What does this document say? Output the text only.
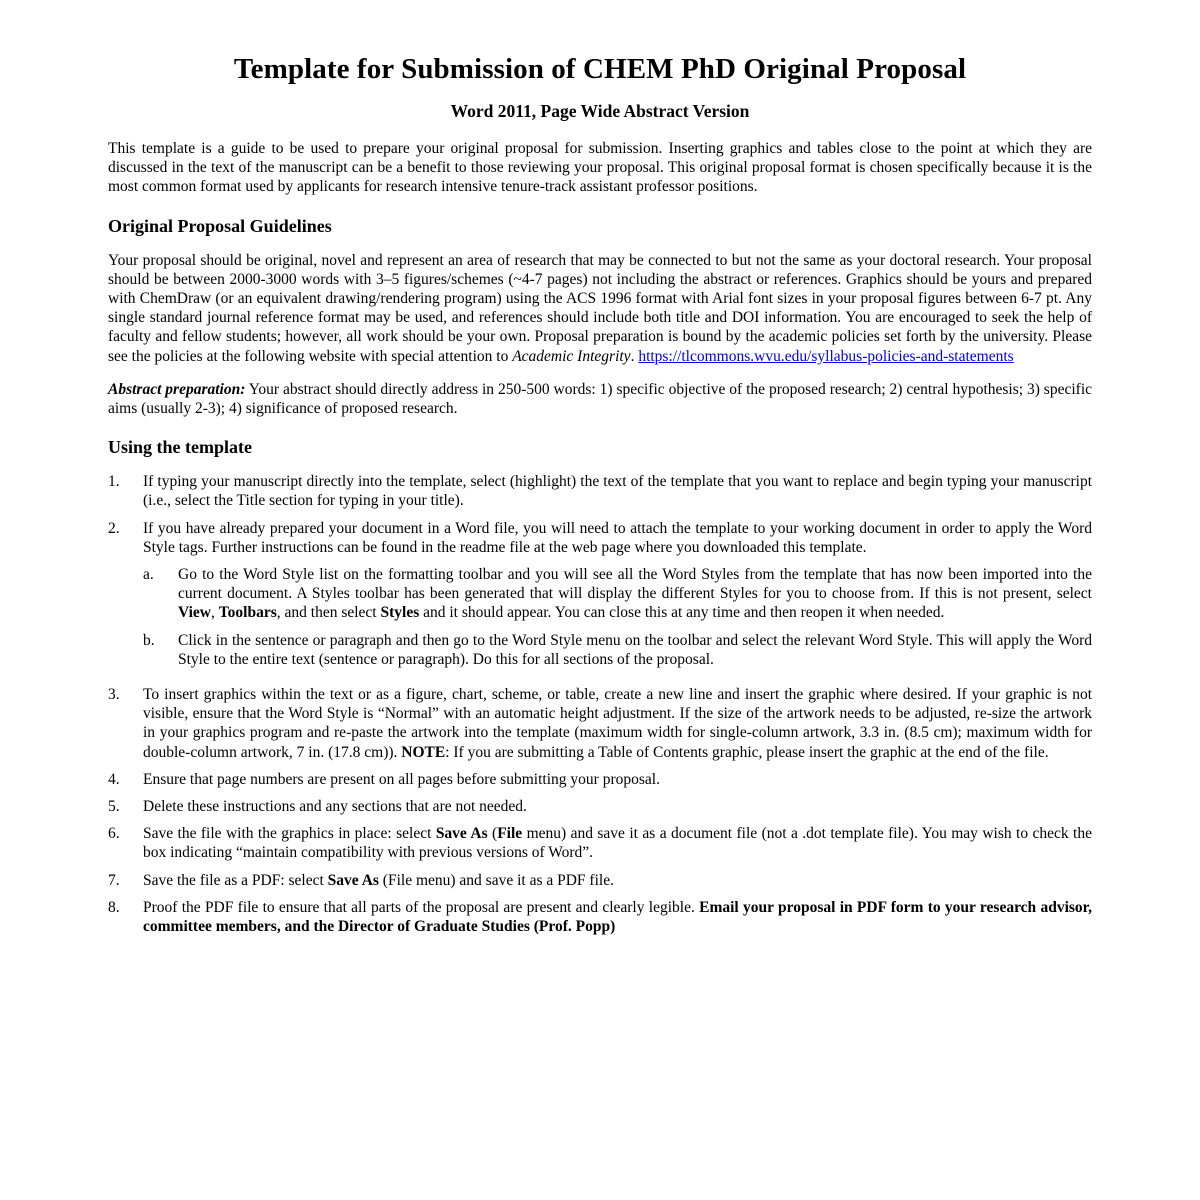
Template for Submission of CHEM PhD Original Proposal
Word 2011, Page Wide Abstract Version

This template is a guide to be used to prepare your original proposal for submission. Inserting graphics and tables close to the point at which they are discussed in the text of the manuscript can be a benefit to those reviewing your proposal. This original proposal format is chosen specifically because it is the most common format used by applicants for research intensive tenure-track assistant professor positions.

Original Proposal Guidelines

Your proposal should be original, novel and represent an area of research that may be connected to but not the same as your doctoral research. Your proposal should be between 2000-3000 words with 3–5 figures/schemes (~4-7 pages) not including the abstract or references. Graphics should be yours and prepared with ChemDraw (or an equivalent drawing/rendering program) using the ACS 1996 format with Arial font sizes in your proposal figures between 6-7 pt. Any single standard journal reference format may be used, and references should include both title and DOI information. You are encouraged to seek the help of faculty and fellow students; however, all work should be your own. Proposal preparation is bound by the academic policies set forth by the university. Please see the policies at the following website with special attention to Academic Integrity. https://tlcommons.wvu.edu/syllabus-policies-and-statements

Abstract preparation: Your abstract should directly address in 250-500 words: 1) specific objective of the proposed research; 2) central hypothesis; 3) specific aims (usually 2-3); 4) significance of proposed research.

Using the template
1.	If typing your manuscript directly into the template, select (highlight) the text of the template that you want to replace and begin typing your manuscript (i.e., select the Title section for typing in your title).

2.	If you have already prepared your document in a Word file, you will need to attach the template to your working document in order to apply the Word Style tags. Further instructions can be found in the readme file at the web page where you downloaded this template.

a.	Go to the Word Style list on the formatting toolbar and you will see all the Word Styles from the template that has now been imported into the current document. A Styles toolbar has been generated that will display the different Styles for you to choose from. If this is not present, select View, Toolbars, and then select Styles and it should appear. You can close this at any time and then reopen it when needed.

b.	Click in the sentence or paragraph and then go to the Word Style menu on the toolbar and select the relevant Word Style. This will apply the Word Style to the entire text (sentence or paragraph). Do this for all sections of the proposal.

3.	To insert graphics within the text or as a figure, chart, scheme, or table, create a new line and insert the graphic where desired. If your graphic is not visible, ensure that the Word Style is “Normal” with an automatic height adjustment. If the size of the artwork needs to be adjusted, re-size the artwork in your graphics program and re-paste the artwork into the template (maximum width for single-column artwork, 3.3 in. (8.5 cm); maximum width for double-column artwork, 7 in. (17.8 cm)). NOTE: If you are submitting a Table of Contents graphic, please insert the graphic at the end of the file.

4.	Ensure that page numbers are present on all pages before submitting your proposal.

5.	Delete these instructions and any sections that are not needed.

6.	Save the file with the graphics in place: select Save As (File menu) and save it as a document file (not a .dot template file). You may wish to check the box indicating “maintain compatibility with previous versions of Word”.

7.	Save the file as a PDF: select Save As (File menu) and save it as a PDF file.

8.	Proof the PDF file to ensure that all parts of the proposal are present and clearly legible. Email your proposal in PDF form to your research advisor, committee members, and the Director of Graduate Studies (Prof. Popp)
